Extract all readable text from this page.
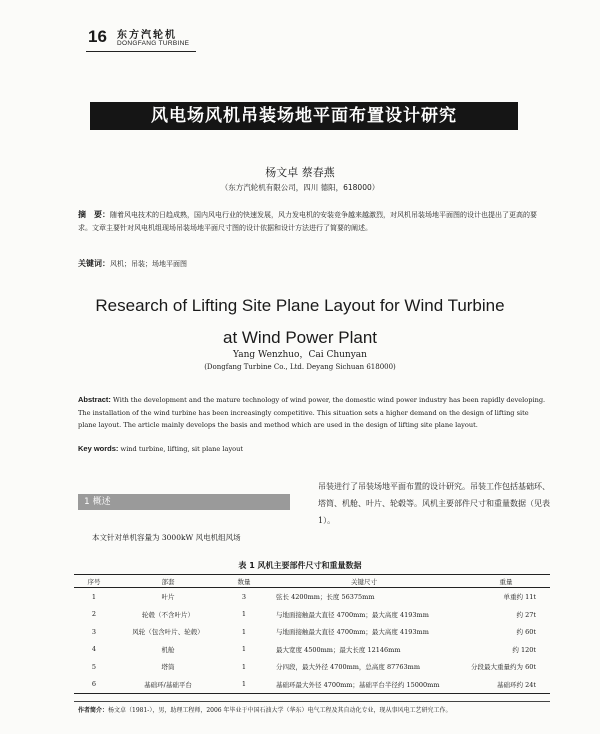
16 东方汽轮机
DONGFANG TURBINE
风电场风机吊装场地平面布置设计研究
杨文卓 蔡春燕
（东方汽轮机有限公司，四川 德阳，618000）
摘　要：随着风电技术的日趋成熟，国内风电行业的快速发展，风力发电机的安装竞争越来越激烈，对风机吊装场地平面图的设计也提出了更高的要求。文章主要针对风电机组现场吊装场地平面尺寸图的设计依据和设计方法进行了简要的阐述。
关键词：风机；吊装；场地平面图
Research of Lifting Site Plane Layout for Wind Turbine
at Wind Power Plant
Yang Wenzhuo，Cai Chunyan
(Dongfang Turbine Co., Ltd. Deyang Sichuan 618000)
Abstract: With the development and the mature technology of wind power, the domestic wind power industry has been rapidly developing. The installation of the wind turbine has been increasingly competitive. This situation sets a higher demand on the design of lifting site plane layout. The article mainly develops the basis and method which are used in the design of lifting site plane layout.
Key words: wind turbine, lifting, sit plane layout
1 概述
本文针对单机容量为 3000kW 风电机组风场
吊装进行了吊装场地平面布置的设计研究。吊装工作包括基础环、塔筒、机舱、叶片、轮毂等。风机主要部件尺寸和重量数据（见表 1）。
表 1 风机主要部件尺寸和重量数据
序号	部套	数量	关键尺寸	重量
1	叶片	3	弦长 4200mm；长度 56375mm	单重约 11t
2	轮毂（不含叶片）	1	与地面接触最大直径 4700mm；最大高度 4193mm	约 27t
3	风轮（包含叶片、轮毂）	1	与地面接触最大直径 4700mm；最大高度 4193mm	约 60t
4	机舱	1	最大宽度 4500mm；最大长度 12146mm	约 120t
5	塔筒	1	分四段，最大外径 4700mm，总高度 87763mm	分段最大重量约为 60t
6	基础环/基础平台	1	基础环最大外径 4700mm；基础平台半径约 15000mm	基础环约 24t
作者简介：杨文卓（1981-），男，助理工程师，2006 年毕业于中国石油大学（华东）电气工程及其自动化专业，现从事风电工艺研究工作。
